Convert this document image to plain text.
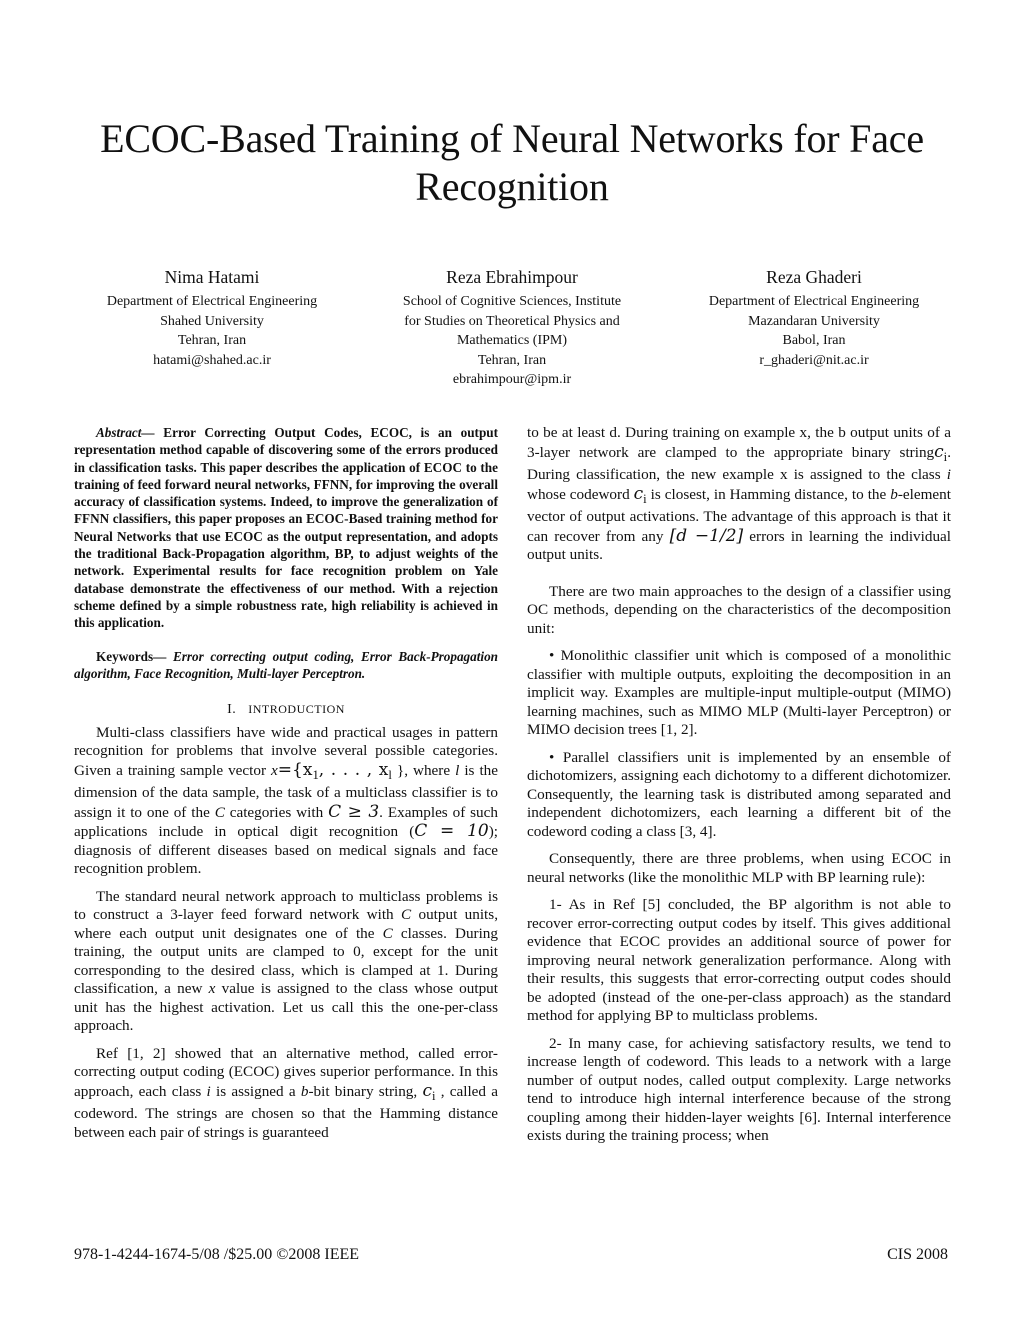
ECOC-Based Training of Neural Networks for Face Recognition
Nima Hatami
Department of Electrical Engineering
Shahed University
Tehran, Iran
hatami@shahed.ac.ir
Reza Ebrahimpour
School of Cognitive Sciences, Institute
for Studies on Theoretical Physics and
Mathematics (IPM)
Tehran, Iran
ebrahimpour@ipm.ir
Reza Ghaderi
Department of Electrical Engineering
Mazandaran University
Babol, Iran
r_ghaderi@nit.ac.ir

Abstract— Error Correcting Output Codes, ECOC, is an output representation method capable of discovering some of the errors produced in classification tasks. This paper describes the application of ECOC to the training of feed forward neural networks, FFNN, for improving the overall accuracy of classification systems. Indeed, to improve the generalization of FFNN classifiers, this paper proposes an ECOC-Based training method for Neural Networks that use ECOC as the output representation, and adopts the traditional Back-Propagation algorithm, BP, to adjust weights of the network. Experimental results for face recognition problem on Yale database demonstrate the effectiveness of our method. With a rejection scheme defined by a simple robustness rate, high reliability is achieved in this application.

Keywords— Error correcting output coding, Error Back-Propagation algorithm, Face Recognition, Multi-layer Perceptron.

I. INTRODUCTION

Multi-class classifiers have wide and practical usages in pattern recognition for problems that involve several possible categories. Given a training sample vector $x=\{x_1$, . . . , $x_l$ }, where l is the dimension of the data sample, the task of a multiclass classifier is to assign it to one of the C categories with C ≥ 3. Examples of such applications include in optical digit recognition (C = 10); diagnosis of different diseases based on medical signals and face recognition problem.

The standard neural network approach to multiclass problems is to construct a 3-layer feed forward network with C output units, where each output unit designates one of the C classes. During training, the output units are clamped to 0, except for the unit corresponding to the desired class, which is clamped at 1. During classification, a new x value is assigned to the class whose output unit has the highest activation. Let us call this the one-per-class approach.

Ref [1, 2] showed that an alternative method, called error-correcting output coding (ECOC) gives superior performance. In this approach, each class i is assigned a b-bit binary string, $c_i$ , called a codeword. The strings are chosen so that the Hamming distance between each pair of strings is guaranteed

to be at least d. During training on example x, the b output units of a 3-layer network are clamped to the appropriate binary stringc$_i$. During classification, the new example x is assigned to the class i whose codeword $c_i$ is closest, in Hamming distance, to the b-element vector of output activations. The advantage of this approach is that it can recover from any [d −1/2] errors in learning the individual output units.

There are two main approaches to the design of a classifier using OC methods, depending on the characteristics of the decomposition unit:

• Monolithic classifier unit which is composed of a monolithic classifier with multiple outputs, exploiting the decomposition in an implicit way. Examples are multiple-input multiple-output (MIMO) learning machines, such as MIMO MLP (Multi-layer Perceptron) or MIMO decision trees [1, 2].

• Parallel classifiers unit is implemented by an ensemble of dichotomizers, assigning each dichotomy to a different dichotomizer. Consequently, the learning task is distributed among separated and independent dichotomizers, each learning a different bit of the codeword coding a class [3, 4].

Consequently, there are three problems, when using ECOC in neural networks (like the monolithic MLP with BP learning rule):

1- As in Ref [5] concluded, the BP algorithm is not able to recover error-correcting output codes by itself. This gives additional evidence that ECOC provides an additional source of power for improving neural network generalization performance. Along with their results, this suggests that error-correcting output codes should be adopted (instead of the one-per-class approach) as the standard method for applying BP to multiclass problems.

2- In many case, for achieving satisfactory results, we tend to increase length of codeword. This leads to a network with a large number of output nodes, called output complexity. Large networks tend to introduce high internal interference because of the strong coupling among their hidden-layer weights [6]. Internal interference exists during the training process; when

978-1-4244-1674-5/08 /$25.00 ©2008 IEEE	CIS 2008
